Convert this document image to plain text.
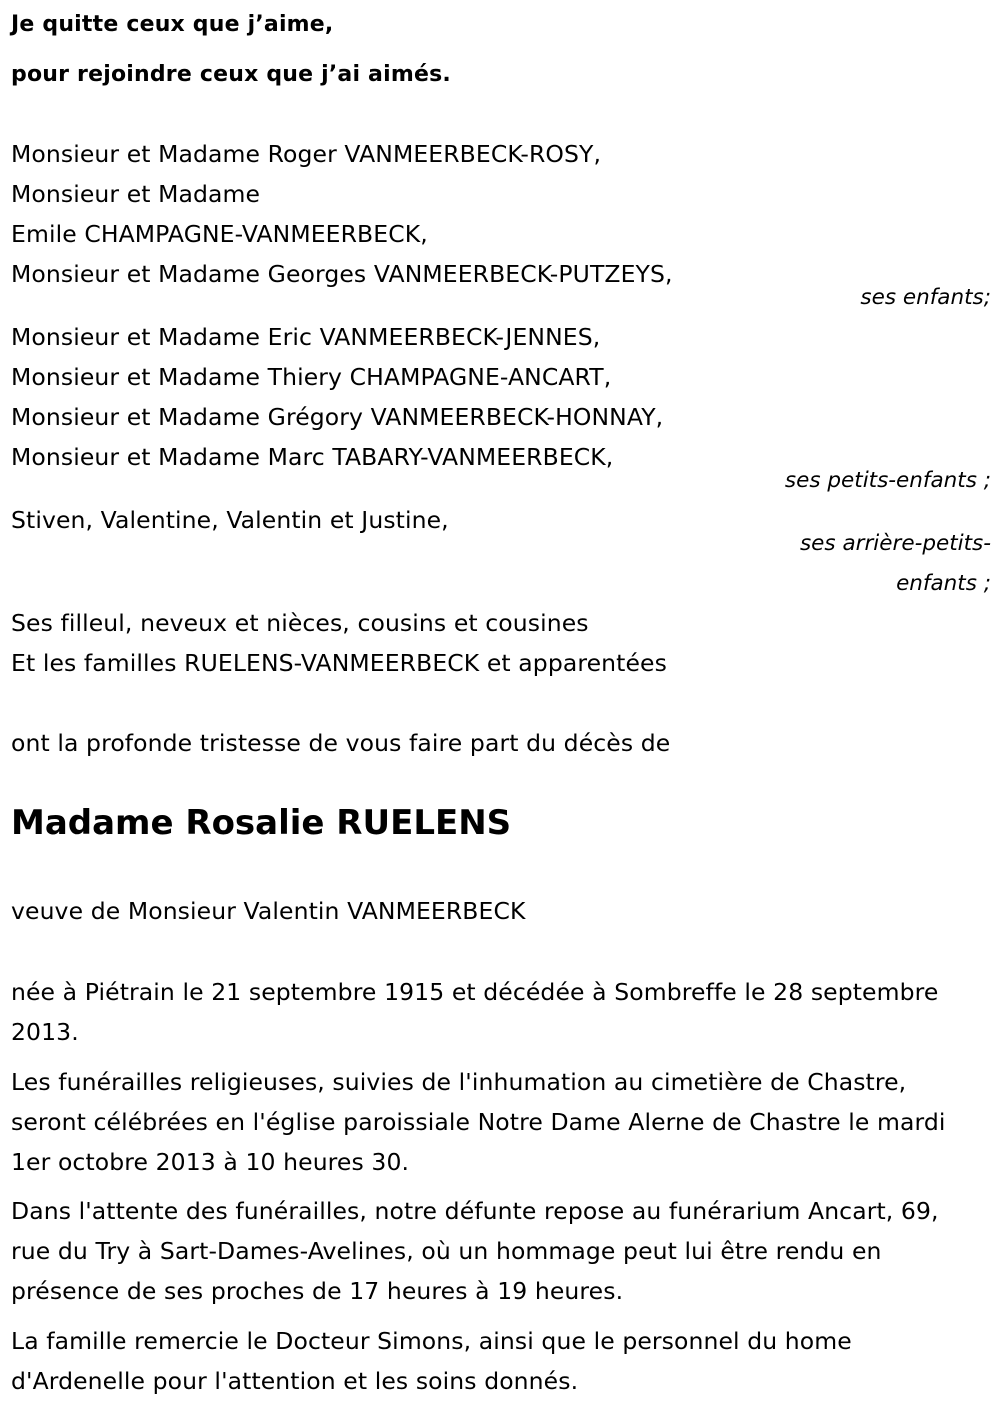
Je quitte ceux que j’aime,
pour rejoindre ceux que j’ai aimés.
Monsieur et Madame Roger VANMEERBECK-ROSY,
Monsieur et Madame
Emile CHAMPAGNE-VANMEERBECK,
Monsieur et Madame Georges VANMEERBECK-PUTZEYS,
ses enfants;
Monsieur et Madame Eric VANMEERBECK-JENNES,
Monsieur et Madame Thiery CHAMPAGNE-ANCART,
Monsieur et Madame Grégory VANMEERBECK-HONNAY,
Monsieur et Madame Marc TABARY-VANMEERBECK,
ses petits-enfants ;
Stiven, Valentine, Valentin et Justine,
ses arrière-petits-
enfants ;
Ses filleul, neveux et nièces, cousins et cousines
Et les familles RUELENS-VANMEERBECK et apparentées
ont la profonde tristesse de vous faire part du décès de
Madame Rosalie RUELENS
veuve de Monsieur Valentin VANMEERBECK
née à Piétrain le 21 septembre 1915 et décédée à Sombreffe le 28 septembre 2013.
Les funérailles religieuses, suivies de l'inhumation au cimetière de Chastre, seront célébrées en l'église paroissiale Notre Dame Alerne de Chastre le mardi 1er octobre 2013 à 10 heures 30.
Dans l'attente des funérailles, notre défunte repose au funérarium Ancart, 69, rue du Try à Sart-Dames-Avelines, où un hommage peut lui être rendu en présence de ses proches de 17 heures à 19 heures.
La famille remercie le Docteur Simons, ainsi que le personnel du home d'Ardenelle pour l'attention et les soins donnés.
